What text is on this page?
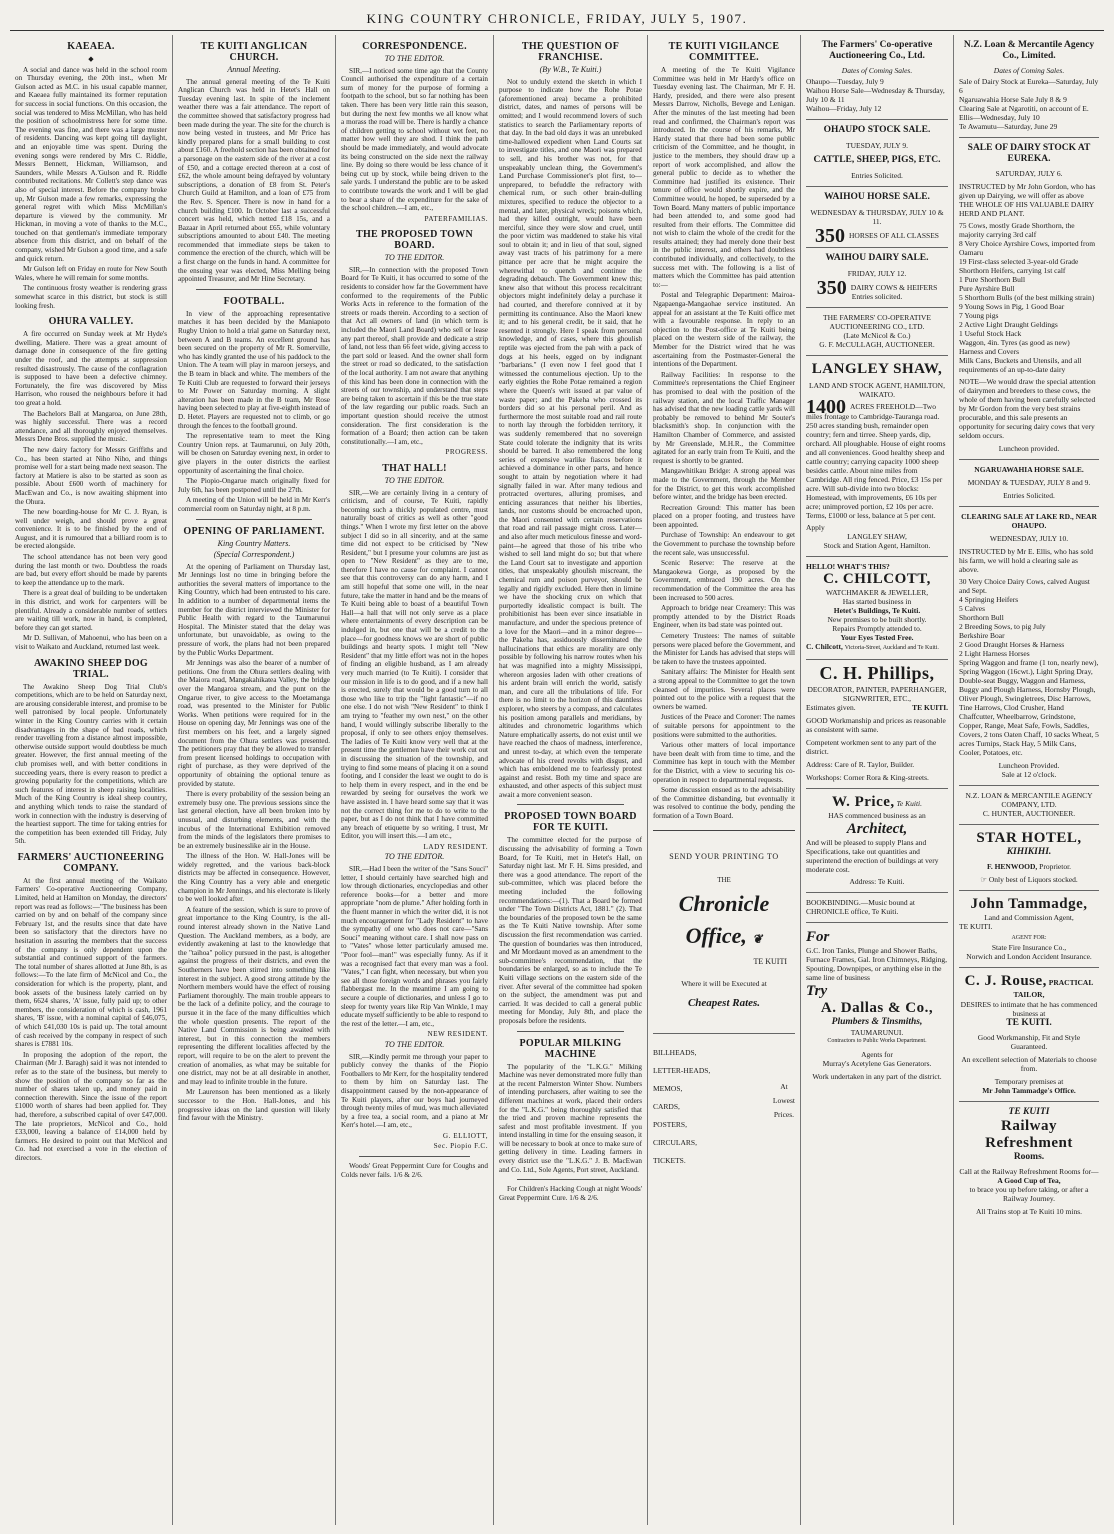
KING COUNTRY CHRONICLE, FRIDAY, JULY 5, 1907.
KAEAEA.
◆

A social and dance was held in the school room on Thursday evening, the 20th inst., when Mr Gulson acted as M.C. in his usual capable manner, and Kaeaea fully maintained its former reputation for success in social functions. On this occasion, the social was tendered to Miss McMillan, who has held the position of schoolmistress here for some time. The evening was fine, and there was a large muster of residents. Dancing was kept going till daylight, and an enjoyable time was spent. During the evening songs were rendered by Mrs C. Riddle, Messrs Bennett, Hickman, Williamson, and Saunders, while Messrs A.'Gulson and R. Riddle contributed recitations. Mr Collett's step dance was also of special interest. Before the company broke up, Mr Gulson made a few remarks, expressing the general regret with which Miss McMillan's departure is viewed by the community. Mr Hickman, in moving a vote of thanks to the M.C., touched on that gentleman's immediate temporary absence from this district, and on behalf of the company, wished Mr Gulson a good time, and a safe and quick return.

Mr Gulson left on Friday en route for New South Wales, where he will remain for some months.

The continuous frosty weather is rendering grass somewhat scarce in this district, but stock is still looking fresh.

OHURA VALLEY.

A fire occurred on Sunday week at Mr Hyde's dwelling, Matiere. There was a great amount of damage done in consequence of the fire getting under the roof, and the attempts at suppression resulted disastrously. The cause of the conflagration is supposed to have been a defective chimney. Fortunately, the fire was discovered by Miss Harrison, who roused the neighbours before it had too great a hold.

The Bachelors Ball at Mangaroa, on June 28th, was highly successful. There was a record attendance, and all thoroughly enjoyed themselves. Messrs Dene Bros. supplied the music.

The new dairy factory for Messrs Griffiths and Co., has been started at Niho Niho, and things promise well for a start being made next season. The factory at Matiere is also to be started as soon as possible. About £600 worth of machinery for MacEwan and Co., is now awaiting shipment into the Ohura.

The new boarding-house for Mr C. J. Ryan, is well under weigh, and should prove a great convenience. It is to be finished by the end of August, and it is rumoured that a billiard room is to be erected alongside.

The school attendance has not been very good during the last month or two. Doubtless the roads are bad, but every effort should be made by parents to keep the attendance up to the mark.

There is a great deal of building to be undertaken in this district, and work for carpenters will be plentiful. Already a considerable number of settlers are waiting till work, now in hand, is completed, before they can get started.

Mr D. Sullivan, of Mahoenui, who has been on a visit to Waikato and Auckland, returned last week.

AWAKINO SHEEP DOG TRIAL.

The Awakino Sheep Dog Trial Club's competitions, which are to be held on Saturday next, are arousing considerable interest, and promise to be well patronised by local people. Unfortunately winter in the King Country carries with it certain disadvantages in the shape of bad roads, which render travelling from a distance almost impossible, otherwise outside support would doubtless be much greater. However, the first annual meeting of the club promises well, and with better conditions in succeeding years, there is every reason to predict a growing popularity for the competitions, which are such features of interest in sheep raising localities. Much of the King Country is ideal sheep country, and anything which tends to raise the standard of work in connection with the industry is deserving of the heartiest support. The time for taking entries for the competition has been extended till Friday, July 5th.

FARMERS' AUCTIONEERING COMPANY.

At the first annual meeting of the Waikato Farmers' Co-operative Auctioneering Company, Limited, held at Hamilton on Monday, the directors' report was read as follows:—"The business has been carried on by and on behalf of the company since February 1st, and the results since that date have been so satisfactory that the directors have no hesitation in assuring the members that the success of the company is only dependent upon the substantial and continued support of the farmers. The total number of shares allotted at June 8th, is as follows:—To the late firm of McNicol and Co., the consideration for which is the property, plant, and book assets of the business lately carried on by them, 6624 shares, 'A' issue, fully paid up; to other members, the consideration of which is cash, 1961 shares, 'B' issue, with a nominal capital of £46,075, of which £41,030 10s is paid up. The total amount of cash received by the company in respect of such shares is £7881 10s.

In proposing the adoption of the report, the Chairman (Mr J. Baragh) said it was not intended to refer as to the state of the business, but merely to show the position of the company so far as the number of shares taken up, and money paid in connection therewith. Since the issue of the report £1000 worth of shares had been applied for. They had, therefore, a subscribed capital of over £47,000. The late proprietors, McNicol and Co., hold £33,000, leaving a balance of £14,000 held by farmers. He desired to point out that McNicol and Co. had not exercised a vote in the election of directors.

TE KUITI ANGLICAN CHURCH.
Annual Meeting.

The annual general meeting of the Te Kuiti Anglican Church was held in Hetet's Hall on Tuesday evening last. In spite of the inclement weather there was a fair attendance. The report of the committee showed that satisfactory progress had been made during the year. The site for the church is now being vested in trustees, and Mr Price has kindly prepared plans for a small building to cost about £160. A freehold section has been obtained for a parsonage on the eastern side of the river at a cost of £50, and a cottage erected thereon at a cost of £62, the whole amount being defrayed by voluntary subscriptions, a donation of £8 from St. Peter's Church Guild at Hamilton, and a loan of £75 from the Rev. S. Spencer. There is now in hand for a church building £100. In October last a successful concert was held, which netted £18 15s, and a Bazaar in April returned about £65, while voluntary subscriptions amounted to about £40. The meeting recommended that immediate steps be taken to commence the erection of the church, which will be a first charge on the funds in hand. A committee for the ensuing year was elected, Miss Melling being appointed Treasurer, and Mr Hine Secretary.

FOOTBALL.

In view of the approaching representative matches it has been decided by the Maniapoto Rugby Union to hold a trial game on Saturday next, between A and B teams. An excellent ground has been secured on the property of Mr R. Somerville, who has kindly granted the use of his paddock to the Union. The A team will play in maroon jerseys, and the B team in black and white. The members of the Te Kuiti Club are requested to forward their jerseys to Mr Power on Saturday morning. A slight alteration has been made in the B team, Mr Rose having been selected to play at five-eighth instead of D. Hetet. Players are requested not to climb, or go through the fences to the football ground.

The representative team to meet the King Country Union reps. at Taumarunui, on July 20th, will be chosen on Saturday evening next, in order to give players in the outer districts the earliest opportunity of ascertaining the final choice.

The Piopio-Ongarue match originally fixed for July 6th, has been postponed until the 27th.

A meeting of the Union will be held in Mr Kerr's commercial room on Saturday night, at 8 p.m.

OPENING OF PARLIAMENT.
King Country Matters.
(Special Correspondent.)

At the opening of Parliament on Thursday last, Mr Jennings lost no time in bringing before the authorities the several matters of importance to the King Country, which had been entrusted to his care. In addition to a number of departmental items the member for the district interviewed the Minister for Public Health with regard to the Taumarunui Hospital. The Minister stated that the delay was unfortunate, but unavoidable, as owing to the pressure of work, the plans had not been prepared by the Public Works Department.

Mr Jennings was also the bearer of a number of petitions. One from the Ohura settlers dealing with the Maiora road, Mangakahikatea Valley, the bridge over the Mangaroa stream, and the punt on the Ongarue river, to give access to the Moetamanga road, was presented to the Minister for Public Works. When petitions were required for in the House on opening day, Mr Jennings was one of the first members on his feet, and a largely signed document from the Ohura settlers was presented. The petitioners pray that they be allowed to transfer from present licensed holdings to occupation with right of purchase, as they were deprived of the opportunity of obtaining the optional tenure as provided by statute.

There is every probability of the session being an extremely busy one. The previous sessions since the last general election, have all been broken into by unusual, and disturbing elements, and with the incubus of the International Exhibition removed from the minds of the legislators there promises to be an extremely businesslike air in the House.

The illness of the Hon. W. Hall-Jones will be widely regretted, and the various back-block districts may be affected in consequence. However, the King Country has a very able and energetic champion in Mr Jennings, and his electorate is likely to be well looked after.

A feature of the session, which is sure to prove of great importance to the King Country, is the all-round interest already shown in the Native Land Question. The Auckland members, as a body, are evidently awakening at last to the knowledge that the "taihoa" policy pursued in the past, is altogether against the progress of their districts, and even the Southerners have been stirred into something like interest in the subject. A good strong attitude by the Northern members would have the effect of rousing Parliament thoroughly. The main trouble appears to be the lack of a definite policy, and the courage to pursue it in the face of the many difficulties which the whole question presents. The report of the Native Land Commission is being awaited with interest, but in this connection the members representing the different localities affected by the report, will require to be on the alert to prevent the creation of anomalies, as what may be suitable for one district, may not be at all desirable in another, and may lead to infinite trouble in the future.

Mr Laurenson has been mentioned as a likely successor to the Hon. Hall-Jones, and his progressive ideas on the land question will likely find favour with the Ministry.

CORRESPONDENCE.
TO THE EDITOR.

SIR,—I noticed some time ago that the County Council authorised the expenditure of a certain sum of money for the purpose of forming a footpath to the school, but so far nothing has been taken. There has been very little rain this season, but during the next few months we all know what a morass the road will be. There is hardly a chance of children getting to school without wet feet, no matter how well they are shod. I think the path should be made immediately, and would advocate its being constructed on the side next the railway line. By doing so there would be less chance of it being cut up by stock, while being driven to the sale yards. I understand the public are to be asked to contribute towards the work and I will be glad to bear a share of the expenditure for the sake of the school children.—I am, etc.,

PATERFAMILIAS.

THE PROPOSED TOWN BOARD.
TO THE EDITOR.

SIR,—In connection with the proposed Town Board for Te Kuiti, it has occurred to some of the residents to consider how far the Government have conformed to the requirements of the Public Works Acts in reference to the formation of the streets or roads therein. According to a section of that Act all owners of land (in which term is included the Maori Land Board) who sell or lease any part thereof, shall provide and dedicate a strip of land, not less than 66 feet wide, giving access to the part sold or leased. And the owner shall form the street or road so dedicated, to the satisfaction of the local authority. I am not aware that anything of this kind has been done in connection with the streets of our township, and understand that steps are being taken to ascertain if this be the true state of the law regarding our public roads. Such an important question should receive the utmost consideration. The first consideration is the formation of a Board; then action can be taken constitutionally.—I am, etc.,

PROGRESS.

THAT HALL!
TO THE EDITOR.

SIR,—We are certainly living in a century of criticism, and of course, Te Kuiti, rapidly becoming such a thickly populated centre, must naturally boast of critics as well as other "good things." When I wrote my first letter on the above subject I did so in all sincerity, and at the same time did not expect to be criticised by "New Resident," but I presume your columns are just as open to "New Resident" as they are to me, therefore I have no cause for complaint. I cannot see that this controversy can do any harm, and I am still hopeful that some one will, in the near future, take the matter in hand and be the means of Te Kuiti being able to boast of a beautiful Town Hall—a hall that will not only serve as a place where entertainments of every description can be indulged in, but one that will be a credit to the place—for goodness knows we are short of public buildings and hearty spots. I might tell "New Resident" that my little effort was not in the hopes of finding an eligible husband, as I am already very much married (to Te Kuiti). I consider that our mission in life is to do good, and if a new hall is erected, surely that would be a good turn to all those who like to trip the "light fantastic"—if no one else. I do not wish "New Resident" to think I am trying to "feather my own nest," on the other hand, I would willingly subscribe liberally to the proposal, if only to see others enjoy themselves. The ladies of Te Kuiti know very well that at the present time the gentlemen have their work cut out in discussing the situation of the township, and trying to find some means of placing it on a sound footing, and I consider the least we ought to do is to help them in every respect, and in the end be rewarded by seeing for ourselves the work we have assisted in. I have heard some say that it was not the correct thing for me to do to write to the paper, but as I do not think that I have committed any breach of etiquette by so writing, I trust, Mr Editor, you will insert this.—I am etc.,

LADY RESIDENT.

TO THE EDITOR.

SIR,—Had I been the writer of the "Sans Souci" letter, I should certainly have searched high and low through dictionaries, encyclopedias and other reference books—for a better and more appropriate "nom de plume." After holding forth in the fluent manner in which the writer did, it is not much encouragement for "Lady Resident" to have the sympathy of one who does not care—"Sans Souci" meaning without care. I shall now pass on to "Vates" whose letter particularly amused me. "Poor fool—man!" was especially funny. As if it was a recognised fact that every man was a fool. "Vates," I can fight, when necessary, but when you see all those foreign words and phrases you fairly flabbergast me. In the meantime I am going to secure a couple of dictionaries, and unless I go to sleep for twenty years like Rip Van Winkle, I may educate myself sufficiently to be able to respond to the rest of the letter.—I am, etc.,

NEW RESIDENT.

TO THE EDITOR.

SIR,—Kindly permit me through your paper to publicly convey the thanks of the Piopio Footballers to Mr Kerr, for the hospitality tendered to them by him on Saturday last. The disappointment caused by the non-appearance of Te Kuiti players, after our boys had journeyed through twenty miles of mud, was much alleviated by a free tea, a social room, and a piano at Mr Kerr's hotel.—I am, etc.,

G. ELLIOTT,

Sec. Piopio F.C.

Woods' Great Peppermint Cure for Coughs and Colds never fails. 1/6 & 2/6.

THE QUESTION OF FRANCHISE.
(By W.B., Te Kuiti.)

Not to unduly extend the sketch in which I purpose to indicate how the Rohe Potae (aforementioned area) became a prohibited district, dates, and names of persons will be omitted; and I would recommend lovers of such statistics to search the Parliamentary reports of that day. In the bad old days it was an unrebuked time-hallowed expedient when Land Courts sat to investigate titles, and one Maori was prepared to sell, and his brother was not, for that unspeakably unclean thing, the Government's Land Purchase Commissioner's plot first, to—unprepared, to befuddle the refractory with chemical rum, or such other brain-dulling mixtures, specified to reduce the objector to a mental, and later, physical wreck; poisons which, had they killed outright, would have been merciful, since they were slow and cruel, until the poor victim was maddened to stake his vital soul to obtain it; and in lieu of that soul, signed away vast tracts of his patrimony for a mere pittance per acre that he might acquire the wherewithal to quench and continue the degrading debauch. The Government knew this; knew also that without this process recalcitrant objectors might indefinitely delay a purchase it had courted, and therefore connived at it by permitting its continuance. Also the Maori knew it; and to his general credit, be it said, that he resented it strongly. Here I speak from personal knowledge, and of cases, where this ghoulish reptile was ejected from the pah with a pack of dogs at his heels, egged on by indignant "barbarians." (I even now I feel good that I witnessed the contumelious ejection. Up to the early eighties the Rohe Potae remained a region where the Queen's writ issued at par value of waste paper; and the Pakeha who crossed its borders did so at his personal peril. And as furthermore the most suitable road and rail route to north lay through the forbidden territory, it was suddenly remembered that no sovereign State could tolerate the indignity that its writs should be barred. It also remembered the long series of expensive warlike fiascos before it achieved a dominance in other parts, and hence sought to attain by negotiation where it had signally failed in war. After many tedious and protracted overtures, alluring promises, and enticing assurances that neither his liberties, lands, nor customs should be encroached upon, the Maori consented with certain reservations that road and rail passage might cross. Later—and also after much meticulous finesse and word-paint—he agreed that those of his tribe who wished to sell land might do so; but that where the Land Court sat to investigate and apportion titles, that unspeakably ghoulish miscreant, the chemical rum and poison purveyor, should be legally and rigidly excluded. Here then in limine we have the shocking crux on which that purportedly idealistic compact is built. The prohibitionist has been ever since insatiable in manufacture, and under the specious pretence of a love for the Maori—and in a minor degree—the Pakeha has, assiduously disseminated the hallucinations that ethics are morality are only possible by following his narrow routes when his hat was magnified into a mighty Mississippi, whereon argosies laden with other creations of his ardent brain will enrich the world, satisfy man, and cure all the tribulations of life. For there is no limit to the horizon of this dauntless explorer, who steers by a compass, and calculates his position among parallels and meridians, by altitudes and chronometric logarithms which Nature emphatically asserts, do not exist until we have reached the chaos of madness, interference, and unrest to-day, at which even the temperate advocate of his creed revolts with disgust, and which has emboldened me to fearlessly protest against and resist. Both my time and space are exhausted, and other aspects of this subject must await a more convenient season.

PROPOSED TOWN BOARD FOR TE KUITI.

The committee elected for the purpose of discussing the advisability of forming a Town Board, for Te Kuiti, met in Hetet's Hall, on Saturday night last. Mr F. H. Sims presided, and there was a good attendance. The report of the sub-committee, which was placed before the meeting included the following recommendations:—(1). That a Board be formed under "The Town Districts Act, 1881." (2). That the boundaries of the proposed town be the same as the Te Kuiti Native township. After some discussion the first recommendation was carried. The question of boundaries was then introduced, and Mr Mordaunt moved as an amendment to the sub-committee's recommendation, that the boundaries be enlarged, so as to include the Te Kuiti village sections on the eastern side of the river. After several of the committee had spoken on the subject, the amendment was put and carried. It was decided to call a general public meeting for Monday, July 8th, and place the proposals before the residents.

POPULAR MILKING MACHINE

The popularity of the "L.K.G." Milking Machine was never demonstrated more fully than at the recent Palmerston Winter Show. Numbers of intending purchasers, after waiting to see the different machines at work, placed their orders for the "L.K.G." being thoroughly satisfied that the tried and proven machine represents the safest and most profitable investment. If you intend installing in time for the ensuing season, it will be necessary to book at once to make sure of getting delivery in time. Leading farmers in every district use the "L.K.G." J. B. MacEwan and Co. Ltd., Sole Agents, Port street, Auckland.

For Children's Hacking Cough at night Woods' Great Peppermint Cure. 1/6 & 2/6.

TE KUITI VIGILANCE COMMITTEE.

A meeting of the Te Kuiti Vigilance Committee was held in Mr Hardy's office on Tuesday evening last. The Chairman, Mr F. H. Hardy, presided, and there were also present Messrs Darrow, Nicholls, Bevege and Lenigan. After the minutes of the last meeting had been read and confirmed, the Chairman's report was introduced. In the course of his remarks, Mr Hardy stated that there had been some public criticism of the Committee, and he thought, in justice to the members, they should draw up a report of work accomplished, and allow the general public to decide as to whether the Committee had justified its existence. Their tenure of office would shortly expire, and the Committee would, he hoped, be superseded by a Town Board. Many matters of public importance had been attended to, and some good had resulted from their efforts. The Committee did not wish to claim the whole of the credit for the results attained; they had merely done their best in the public interest, and others had doubtless contributed individually, and collectively, to the success met with. The following is a list of matters which the Committee has paid attention to:—

Postal and Telegraphic Department: Mairoa-Ngapaenga-Mangaohae service instituted. An appeal for an assistant at the Te Kuiti office met with a favourable response. In reply to an objection to the Post-office at Te Kuiti being placed on the western side of the railway, the Member for the District wired that he was ascertaining from the Postmaster-General the intentions of the Department.

Railway Facilities: In response to the Committee's representations the Chief Engineer has promised to deal with the position of the railway station, and the local Traffic Manager has advised that the new loading cattle yards will probably be removed to behind Mr Souter's blacksmith's shop. In conjunction with the Hamilton Chamber of Commerce, and assisted by Mr Greenslade, M.H.R., the Committee agitated for an early train from Te Kuiti, and the request is shortly to be granted.

Mangawhitikau Bridge: A strong appeal was made to the Government, through the Member for the District, to get this work accomplished before winter, and the bridge has been erected.

Recreation Ground: This matter has been placed on a proper footing, and trustees have been appointed.

Purchase of Township: An endeavour to get the Government to purchase the township before the recent sale, was unsuccessful.

Scenic Reserve: The reserve at the Mangaokewa Gorge, as proposed by the Government, embraced 190 acres. On the recommendation of the Committee the area has been increased to 500 acres.

Approach to bridge near Creamery: This was promptly attended to by the District Roads Engineer, when its bad state was pointed out.

Cemetery Trustees: The names of suitable persons were placed before the Government, and the Minister for Lands has advised that steps will be taken to have the trustees appointed.

Sanitary affairs: The Minister for Health sent a strong appeal to the Committee to get the town cleansed of impurities. Several places were pointed out to the police with a request that the owners be warned.

Justices of the Peace and Coroner: The names of suitable persons for appointment to the positions were submitted to the authorities.

Various other matters of local importance have been dealt with from time to time, and the Committee has kept in touch with the Member for the District, with a view to securing his co-operation in respect to departmental requests.

Some discussion ensued as to the advisability of the Committee disbanding, but eventually it was resolved to continue the body, pending the formation of a Town Board.

SEND YOUR PRINTING TO
THE
Chronicle
Office, ❦
TE KUITI
Where it will be Executed at
Cheapest Rates.
BILLHEADS,
LETTER-HEADS,
MEMOS,
CARDS,
POSTERS,
CIRCULARS,
TICKETS.
At
Lowest
Prices.
The Farmers' Co-operative Auctioneering Co., Ltd.
Dates of Coming Sales.
Ohaupo—Tuesday, July 9
Waihou Horse Sale—Wednesday & Thursday, July 10 & 11
Waihou—Friday, July 12
OHAUPO STOCK SALE.
TUESDAY, JULY 9.
CATTLE, SHEEP, PIGS, ETC.
Entries Solicited.
WAIHOU HORSE SALE.
WEDNESDAY & THURSDAY, JULY 10 & 11.
350 HORSES OF ALL CLASSES
WAIHOU DAIRY SALE.
FRIDAY, JULY 12.
350 DAIRY COWS & HEIFERS
Entries solicited.
THE FARMERS' CO-OPERATIVE AUCTIONEERING CO., LTD.
(Late McNicol & Co.)
G. F. McCULLAGH, AUCTIONEER.
LANGLEY SHAW,
LAND AND STOCK AGENT, HAMILTON, WAIKATO.
1400 ACRES FREEHOLD—Two miles frontage to Cambridge-Tauranga road. 250 acres standing bush, remainder open country; fern and tirree. Sheep yards, dip, orchard. All ploughable. House of eight rooms and all conveniences. Good healthy sheep and cattle country; carrying capacity 1000 sheep besides cattle. About nine miles from Cambridge. All ring fenced. Price, £3 15s per acre. Will sub-divide into two blocks: Homestead, with improvements, £6 10s per acre; unimproved portion, £2 10s per acre. Terms, £1000 or less, balance at 5 per cent.
Apply
LANGLEY SHAW,
Stock and Station Agent, Hamilton.
HELLO! WHAT'S THIS?
C. CHILCOTT,
WATCHMAKER & JEWELLER,
Has started business in
Hetet's Buildings, Te Kuiti.
New premises to be built shortly.
Repairs Promptly attended to.
Your Eyes Tested Free.
C. Chilcott, Victoria-Street, Auckland and Te Kuiti.
C. H. Phillips,
DECORATOR, PAINTER, PAPERHANGER, SIGNWRITER, ETC.,
Estimates given.	TE KUITI.
GOOD Workmanship and prices as reasonable as consistent with same.
Competent workmen sent to any part of the district.
Address: Care of R. Taylor, Builder.
Workshops: Corner Rora & King-streets.
W. Price, Te Kuiti.
HAS commenced business as an
Architect,
And will be pleased to supply Plans and Specifications, take out quantities and superintend the erection of buildings at very moderate cost.
Address: Te Kuiti.
BOOKBINDING.—Music bound at CHRONICLE office, Te Kuiti.
For
G.C. Iron Tanks, Plunge and Shower Baths, Furnace Frames, Gal. Iron Chimneys, Ridging, Spouting, Downpipes, or anything else in the same line of business
Try
A. Dallas & Co.,
Plumbers & Tinsmiths,
TAUMARUNUI.
Contractors to Public Works Department.
Agents for
Murray's Acetylene Gas Generators.
Work undertaken in any part of the district.
N.Z. Loan & Mercantile Agency Co., Limited.
Dates of Coming Sales.
Sale of Dairy Stock at Eureka—Saturday, July 6
Ngaruawahia Horse Sale July 8 & 9
Clearing Sale at Ngarotiti, on account of E. Ellis—Wednesday, July 10
Te Awamutu—Saturday, June 29
SALE OF DAIRY STOCK AT EUREKA.
SATURDAY, JULY 6.
INSTRUCTED by Mr John Gordon, who has given up Dairying, we will offer as above THE WHOLE OF HIS VALUABLE DAIRY HERD AND PLANT.
75 Cows, mostly Grade Shorthorn, the majority carrying 3rd calf
8 Very Choice Ayrshire Cows, imported from Oamaru
19 First-class selected 3-year-old Grade Shorthorn Heifers, carrying 1st calf
1 Pure Shorthorn Bull
Pure Ayrshire Bull
5 Shorthorn Bulls (of the best milking strain)
9 Young Sows in Pig, 1 Good Boar
7 Young pigs
2 Active Light Draught Geldings
1 Useful Stock Hack
Waggon, 4in. Tyres (as good as new)
Harness and Covers
Milk Cans, Buckets and Utensils, and all requirements of an up-to-date dairy
NOTE—We would draw the special attention of dairymen and breeders to these cows, the whole of them having been carefully selected by Mr Gordon from the very best strains procurable, and this sale presents an opportunity for securing dairy cows that very seldom occurs.
Luncheon provided.
NGARUAWAHIA HORSE SALE.
MONDAY & TUESDAY, JULY 8 and 9.
Entries Solicited.
CLEARING SALE AT LAKE RD., NEAR OHAUPO.
WEDNESDAY, JULY 10.
INSTRUCTED by Mr E. Ellis, who has sold his farm, we will hold a clearing sale as above.
30 Very Choice Dairy Cows, calved August and Sept.
4 Springing Heifers
5 Calves
Shorthorn Bull
2 Breeding Sows, to pig July
Berkshire Boar
2 Good Draught Horses & Harness
2 Light Harness Horses
Spring Waggon and frame (1 ton, nearly new), Spring Waggon (16cwt.), Light Spring Dray, Double-seat Buggy, Waggon and Harness, Buggy and Plough Harness, Hornsby Plough, Oliver Plough, Swingletrees, Disc Harrows, Tine Harrows, Clod Crusher, Hand Chaffcutter, Wheelbarrow, Grindstone, Copper, Range, Meat Safe, Fowls, Saddles, Covers, 2 tons Oaten Chaff, 10 sacks Wheat, 5 acres Turnips, Stack Hay, 5 Milk Cans, Cooler, Potatoes, etc.
Luncheon Provided.
Sale at 12 o'clock.
N.Z. LOAN & MERCANTILE AGENCY COMPANY, LTD.
C. HUNTER, AUCTIONEER.
STAR HOTEL,
KIHIKIHI.
F. HENWOOD, Proprietor.
☞ Only best of Liquors stocked.
John Tammadge,
Land and Commission Agent,
TE KUITI.
AGENT FOR:
State Fire Insurance Co.,
Norwich and London Accident Insurance.
C. J. Rouse, PRACTICAL TAILOR,
DESIRES to intimate that he has commenced business at
TE KUITI.
Good Workmanship, Fit and Style Guaranteed.
An excellent selection of Materials to choose from.
Temporary premises at
Mr John Tammadge's Office.
TE KUITI
Railway Refreshment
Rooms.
Call at the Railway Refreshment Rooms for—
A Good Cup of Tea,
to brace you up before taking, or after a Railway Journey.
All Trains stop at Te Kuiti 10 mins.
